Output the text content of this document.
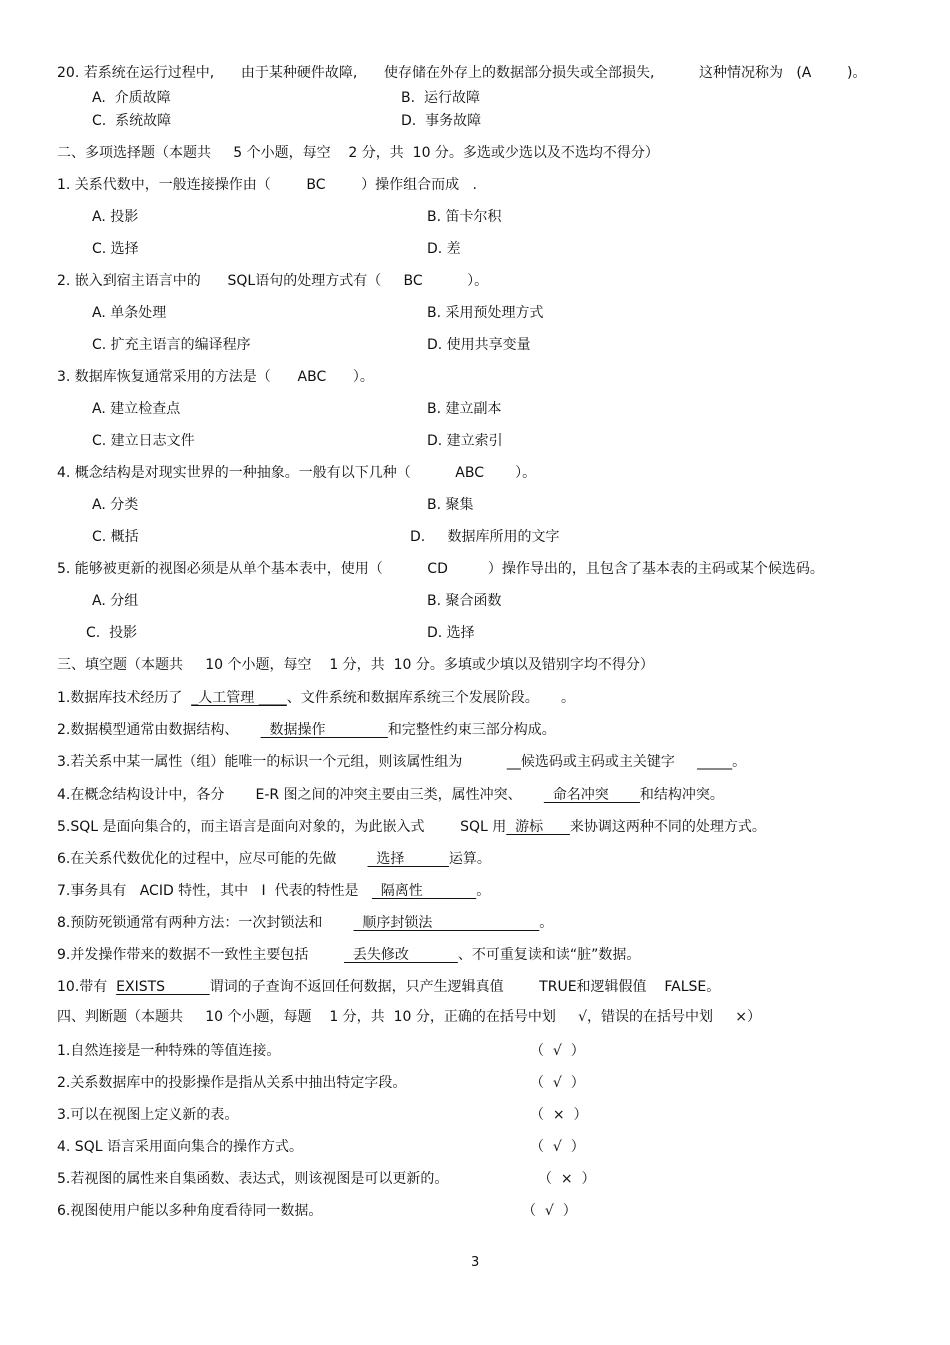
20. 若系统在运行过程中,      由于某种硬件故障,      使存储在外存上的数据部分损失或全部损失,          这种情况称为   (A        )。
A.  介质故障	B.  运行故障
C.  系统故障	D.  事务故障
二、多项选择题（本题共     5 个小题，每空    2 分，共  10 分。多选或少选以及不选均不得分）
1. 关系代数中，一般连接操作由（        BC        ）操作组合而成   .
A. 投影	B. 笛卡尔积
C. 选择	D. 差
2. 嵌入到宿主语言中的      SQL语句的处理方式有（     BC          ）。
A. 单条处理	B. 采用预处理方式
C. 扩充主语言的编译程序	D. 使用共享变量
3. 数据库恢复通常采用的方法是（      ABC      ）。
A. 建立检查点	B. 建立副本
C. 建立日志文件	D. 建立索引
4. 概念结构是对现实世界的一种抽象。一般有以下几种（          ABC       ）。
A. 分类	B. 聚集
C. 概括	D.     数据库所用的文字
5. 能够被更新的视图必须是从单个基本表中，使用（          CD         ）操作导出的，且包含了基本表的主码或某个候选码。
A. 分组	B. 聚合函数
C.  投影	D. 选择
三、填空题（本题共     10 个小题，每空    1 分，共  10 分。多填或少填以及错别字均不得分）
1.数据库技术经历了  _人工管理 ____、文件系统和数据库系统三个发展阶段。     。
2.数据模型通常由数据结构、       数据操作              和完整性约束三部分构成。
3.若关系中某一属性（组）能唯一的标识一个元组，则该属性组为          __候选码或主码或主关键字     _____。
4.在概念结构设计中，各分       E-R 图之间的冲突主要由三类，属性冲突、       命名冲突       和结构冲突。
5.SQL 是面向集合的，而主语言是面向对象的，为此嵌入式        SQL 用  游标      来协调这两种不同的处理方式。
6.在关系代数优化的过程中，应尽可能的先做         选择          运算。
7.事务具有   ACID 特性，其中   I  代表的特性是     隔离性            。
8.预防死锁通常有两种方法：一次封锁法和         顺序封锁法                        。
9.并发操作带来的数据不一致性主要包括          丢失修改           、不可重复读和读“脏”数据。
10.带有  EXISTS          谓词的子查询不返回任何数据，只产生逻辑真值        TRUE和逻辑假值    FALSE。
四、判断题（本题共     10 个小题，每题    1 分，共  10 分，正确的在括号中划     √，错误的在括号中划     ×）
1.自然连接是一种特殊的等值连接。	（  √  ）
2.关系数据库中的投影操作是指从关系中抽出特定字段。	（  √  ）
3.可以在视图上定义新的表。	（  ×  ）
4. SQL 语言采用面向集合的操作方式。	（  √  ）
5.若视图的属性来自集函数、表达式，则该视图是可以更新的。	（  ×  ）
6.视图使用户能以多种角度看待同一数据。	（  √  ）
3
